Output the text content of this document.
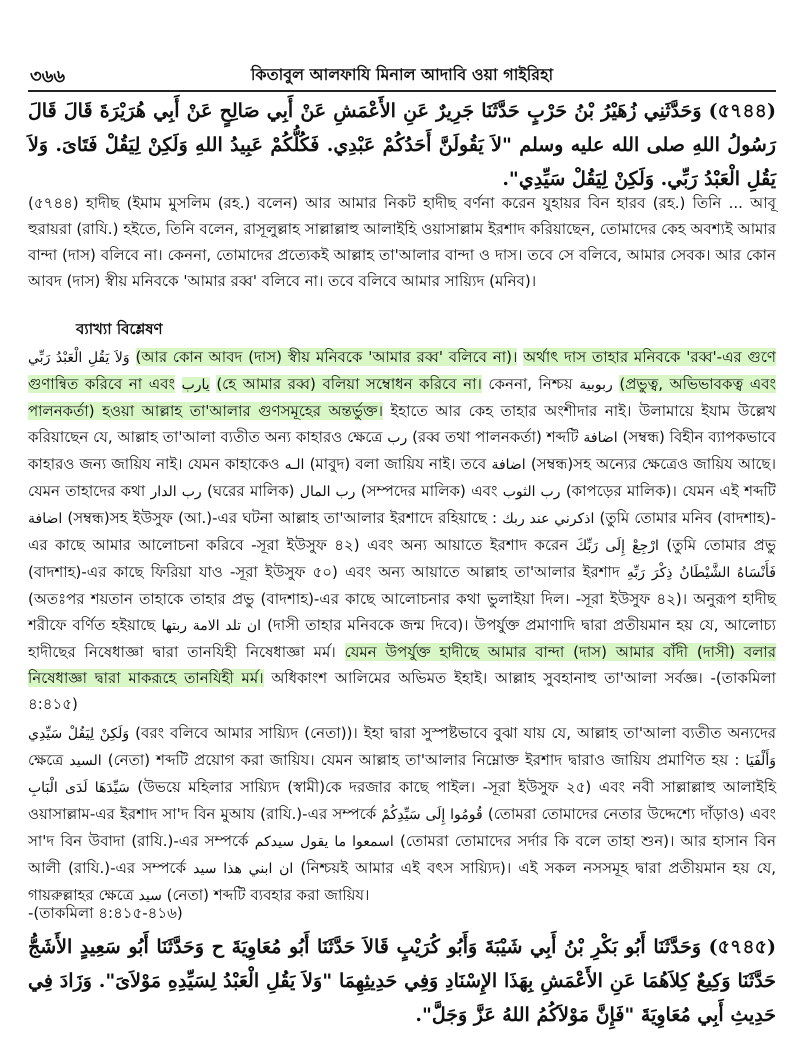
৩৬৬	কিতাবুল আলফাযি মিনাল আদাবি ওয়া গাইরিহা

(৫৭৪৪) وَحَدَّثَنِي زُهَيْرُ بْنُ حَرْبٍ حَدَّثَنَا جَرِيرٌ عَنِ الأَعْمَشِ عَنْ أَبِي صَالِحٍ عَنْ أَبِي هُرَيْرَةَ قَالَ قَالَ رَسُولُ اللهِ صلى الله عليه وسلم "لاَ يَقُولَنَّ أَحَدُكُمْ عَبْدِي. فَكُلُّكُمْ عَبِيدُ اللهِ وَلَكِنْ لِيَقُلْ فَتَاىَ. وَلاَ يَقُلِ الْعَبْدُ رَبِّي. وَلَكِنْ لِيَقُلْ سَيِّدِي".

(৫৭৪৪) হাদীছ (ইমাম মুসলিম (রহ.) বলেন) আর আমার নিকট হাদীছ বর্ণনা করেন যুহায়র বিন হারব (রহ.) তিনি ... আবূ হুরায়রা (রাযি.) হইতে, তিনি বলেন, রাসূলুল্লাহ সাল্লাল্লাহু আলাইহি ওয়াসাল্লাম ইরশাদ করিয়াছেন, তোমাদের কেহ অবশ্যই আমার বান্দা (দাস) বলিবে না। কেননা, তোমাদের প্রত্যেকই আল্লাহ তা'আলার বান্দা ও দাস। তবে সে বলিবে, আমার সেবক। আর কোন আবদ (দাস) স্বীয় মনিবকে 'আমার রব্ব' বলিবে না। তবে বলিবে আমার সায়্যিদ (মনিব)।

ব্যাখ্যা বিশ্লেষণ

وَلاَ يَقُلِ الْعَبْدُ رَبِّي (আর কোন আবদ (দাস) স্বীয় মনিবকে 'আমার রব্ব' বলিবে না)। অর্থাৎ দাস তাহার মনিবকে 'রব্ব'-এর গুণে গুণান্বিত করিবে না এবং يارب (হে আমার রব্ব) বলিয়া সম্বোধন করিবে না। কেননা, নিশ্চয় ربوبية (প্রভুত্ব, অভিভাবকত্ব এবং পালনকর্তা) হওয়া আল্লাহ তা'আলার গুণসমূহের অন্তর্ভুক্ত। ইহাতে আর কেহ তাহার অংশীদার নাই। উলামায়ে ইযাম উল্লেখ করিয়াছেন যে, আল্লাহ তা'আলা ব্যতীত অন্য কাহারও ক্ষেত্রে رب (রব্ব তথা পালনকর্তা) শব্দটি اضافة (সম্বন্ধ) বিহীন ব্যাপকভাবে কাহারও জন্য জায়িয নাই। যেমন কাহাকেও الـه (মাবুদ) বলা জায়িয নাই। তবে اضافة (সম্বন্ধ)সহ অন্যের ক্ষেত্রেও জায়িয আছে। যেমন তাহাদের কথা رب الدار (ঘরের মালিক) رب المال (সম্পদের মালিক) এবং رب الثوب (কাপড়ের মালিক)। যেমন এই শব্দটি اضافة (সম্বন্ধ)সহ ইউসুফ (আ.)-এর ঘটনা আল্লাহ তা'আলার ইরশাদে রহিয়াছে : اذكرني عند ربك (তুমি তোমার মনিব (বাদশাহ)-এর কাছে আমার আলোচনা করিবে -সূরা ইউসুফ ৪২) এবং অন্য আয়াতে ইরশাদ করেন ارْجِعْ إِلَى رَبِّكَ (তুমি তোমার প্রভু (বাদশাহ)-এর কাছে ফিরিয়া যাও -সূরা ইউসুফ ৫০) এবং অন্য আয়াতে আল্লাহ তা'আলার ইরশাদ فَأَنْسَاهُ الشَّيْطَانُ ذِكْرَ رَبِّهِ (অতঃপর শয়তান তাহাকে তাহার প্রভু (বাদশাহ)-এর কাছে আলোচনার কথা ভুলাইয়া দিল। -সূরা ইউসুফ ৪২)। অনুরূপ হাদীছ শরীফে বর্ণিত হইয়াছে ان تلد الامة ربتها (দাসী তাহার মনিবকে জন্ম দিবে)। উপর্যুক্ত প্রমাণাদি দ্বারা প্রতীয়মান হয় যে, আলোচ্য হাদীছের নিষেধাজ্ঞা দ্বারা তানযিহী নিষেধাজ্ঞা মর্ম। যেমন উপর্যুক্ত হাদীছে আমার বান্দা (দাস) আমার বাঁদী (দাসী) বলার নিষেধাজ্ঞা দ্বারা মাকরূহে তানযিহী মর্ম। অধিকাংশ আলিমের অভিমত ইহাই। আল্লাহ সুবহানাহু তা'আলা সর্বজ্ঞ। -(তাকমিলা ৪:৪১৫)

وَلَكِنْ لِيَقُلْ سَيِّدِي (বরং বলিবে আমার সায়্যিদ (নেতা))। ইহা দ্বারা সুস্পষ্টভাবে বুঝা যায় যে, আল্লাহ তা'আলা ব্যতীত অন্যদের ক্ষেত্রে السيد (নেতা) শব্দটি প্রয়োগ করা জায়িয। যেমন আল্লাহ তা'আলার নিম্নোক্ত ইরশাদ দ্বারাও জায়িয প্রমাণিত হয় : وَأَلْفَيَا سَيِّدَهَا لَدَى الْبَابِ (উভয়ে মহিলার সায়্যিদ (স্বামী)কে দরজার কাছে পাইল। -সূরা ইউসুফ ২৫) এবং নবী সাল্লাল্লাহু আলাইহি ওয়াসাল্লাম-এর ইরশাদ সা'দ বিন মুআয (রাযি.)-এর সম্পর্কে قُومُوا إِلَى سَيِّدِكُمْ (তোমরা তোমাদের নেতার উদ্দেশ্যে দাঁড়াও) এবং সা'দ বিন উবাদা (রাযি.)-এর সম্পর্কে اسمعوا ما يقول سيدكم (তোমরা তোমাদের সর্দার কি বলে তাহা শুন)। আর হাসান বিন আলী (রাযি.)-এর সম্পর্কে ان ابني هذا سيد (নিশ্চয়ই আমার এই বৎস সায়্যিদ)। এই সকল নসসমূহ দ্বারা প্রতীয়মান হয় যে, গায়রুল্লাহর ক্ষেত্রে سيد (নেতা) শব্দটি ব্যবহার করা জায়িয।

-(তাকমিলা ৪:৪১৫-৪১৬)

(৫৭৪৫) وَحَدَّثَنَا أَبُو بَكْرِ بْنُ أَبِي شَيْبَةَ وَأَبُو كُرَيْبٍ قَالاَ حَدَّثَنَا أَبُو مُعَاوِيَةَ ح وَحَدَّثَنَا أَبُو سَعِيدٍ الأَشَجُّ حَدَّثَنَا وَكِيعٌ كِلاَهُمَا عَنِ الأَعْمَشِ بِهَذَا الإِسْنَادِ وَفِي حَدِيثِهِمَا "وَلاَ يَقُلِ الْعَبْدُ لِسَيِّدِهِ مَوْلاَىَ". وَزَادَ فِي حَدِيثِ أَبِي مُعَاوِيَةَ "فَإِنَّ مَوْلاَكُمُ اللهُ عَزَّ وَجَلَّ".
